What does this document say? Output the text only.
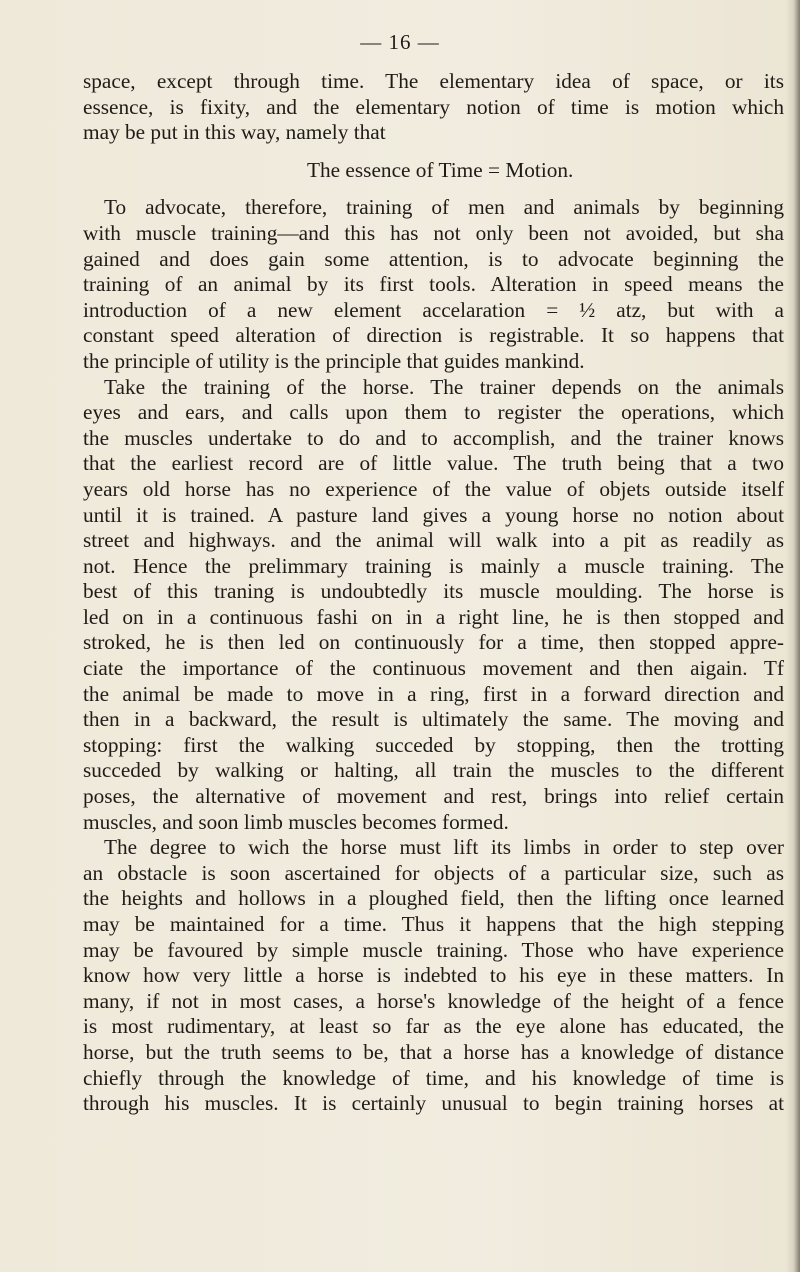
— 16 —
space, except through time. The elementary idea of space, or its
essence, is fixity, and the elementary notion of time is motion which
may be put in this way, namely that
The essence of Time = Motion.
To advocate, therefore, training of men and animals by beginning
with muscle training—and this has not only been not avoided, but sha
gained and does gain some attention, is to advocate beginning the
training of an animal by its first tools. Alteration in speed means the
introduction of a new element accelaration = ½ atz, but with a
constant speed alteration of direction is registrable. It so happens that
the principle of utility is the principle that guides mankind.
Take the training of the horse. The trainer depends on the animals
eyes and ears, and calls upon them to register the operations, which
the muscles undertake to do and to accomplish, and the trainer knows
that the earliest record are of little value. The truth being that a two
years old horse has no experience of the value of objets outside itself
until it is trained. A pasture land gives a young horse no notion about
street and highways. and the animal will walk into a pit as readily as
not. Hence the prelimmary training is mainly a muscle training. The
best of this traning is undoubtedly its muscle moulding. The horse is
led on in a continuous fashi on in a right line, he is then stopped and
stroked, he is then led on continuously for a time, then stopped appre-
ciate the importance of the continuous movement and then aigain. Tf
the animal be made to move in a ring, first in a forward direction and
then in a backward, the result is ultimately the same. The moving and
stopping: first the walking succeded by stopping, then the trotting
succeded by walking or halting, all train the muscles to the different
poses, the alternative of movement and rest, brings into relief certain
muscles, and soon limb muscles becomes formed.
The degree to wich the horse must lift its limbs in order to step over
an obstacle is soon ascertained for objects of a particular size, such as
the heights and hollows in a ploughed field, then the lifting once learned
may be maintained for a time. Thus it happens that the high stepping
may be favoured by simple muscle training. Those who have experience
know how very little a horse is indebted to his eye in these matters. In
many, if not in most cases, a horse's knowledge of the height of a fence
is most rudimentary, at least so far as the eye alone has educated, the
horse, but the truth seems to be, that a horse has a knowledge of distance
chiefly through the knowledge of time, and his knowledge of time is
through his muscles. It is certainly unusual to begin training horses at
